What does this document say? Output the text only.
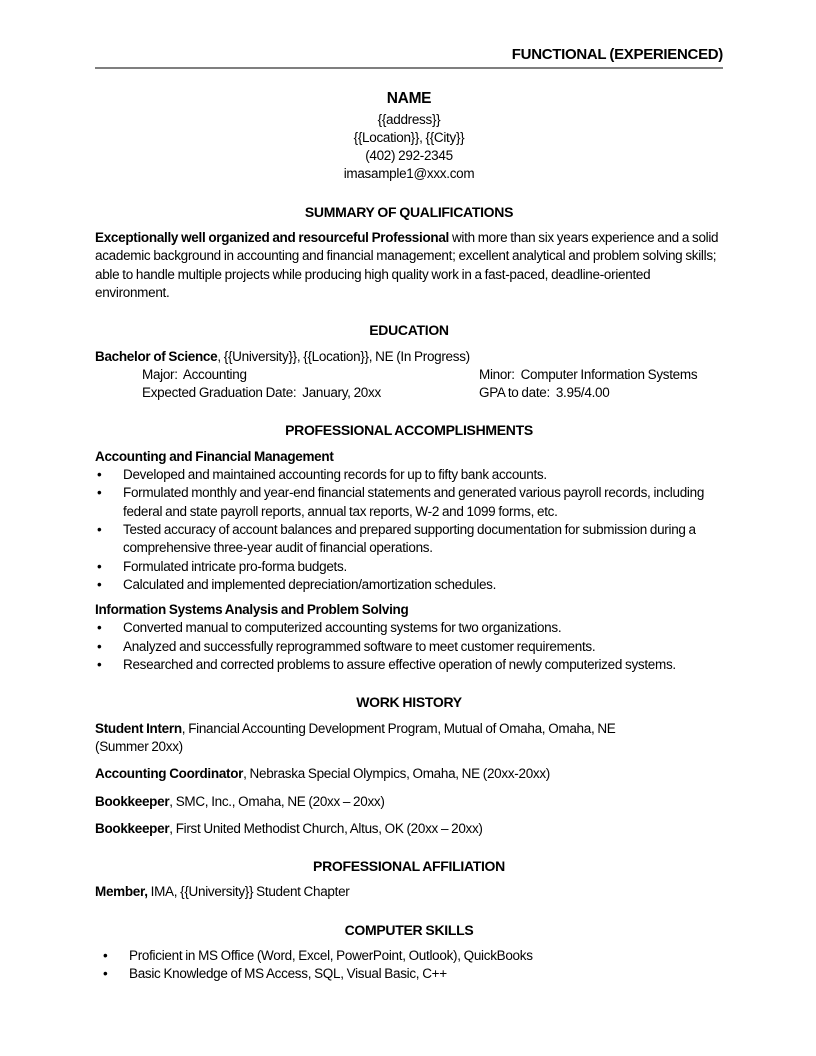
FUNCTIONAL (EXPERIENCED)
NAME
{{address}}
{{Location}}, {{City}}
(402) 292-2345
imasample1@xxx.com
SUMMARY OF QUALIFICATIONS

Exceptionally well organized and resourceful Professional with more than six years experience and a solid academic background in accounting and financial management; excellent analytical and problem solving skills; able to handle multiple projects while producing high quality work in a fast-paced, deadline-oriented environment.

EDUCATION

Bachelor of Science, {{University}}, {{Location}}, NE (In Progress)

Major:  Accounting	Minor:  Computer Information Systems
Expected Graduation Date:  January, 20xx	GPA to date:  3.95/4.00
PROFESSIONAL ACCOMPLISHMENTS

Accounting and Financial Management

• Developed and maintained accounting records for up to fifty bank accounts.
• Formulated monthly and year-end financial statements and generated various payroll records, including federal and state payroll reports, annual tax reports, W-2 and 1099 forms, etc.
• Tested accuracy of account balances and prepared supporting documentation for submission during a  comprehensive three-year audit of financial operations.
• Formulated intricate pro-forma budgets.
• Calculated and implemented depreciation/amortization schedules.

Information Systems Analysis and Problem Solving

• Converted manual to computerized accounting systems for two organizations.
• Analyzed and successfully reprogrammed software to meet customer requirements.
• Researched and corrected problems to assure effective operation of newly computerized systems.
WORK HISTORY

Student Intern, Financial Accounting Development Program, Mutual of Omaha, Omaha, NE
(Summer 20xx)

Accounting Coordinator, Nebraska Special Olympics, Omaha, NE (20xx-20xx)

Bookkeeper, SMC, Inc., Omaha, NE (20xx – 20xx)

Bookkeeper, First United Methodist Church, Altus, OK (20xx – 20xx)

PROFESSIONAL AFFILIATION

Member, IMA, {{University}} Student Chapter

COMPUTER SKILLS
• Proficient in MS Office (Word, Excel, PowerPoint, Outlook), QuickBooks
• Basic Knowledge of MS Access, SQL, Visual Basic, C++
